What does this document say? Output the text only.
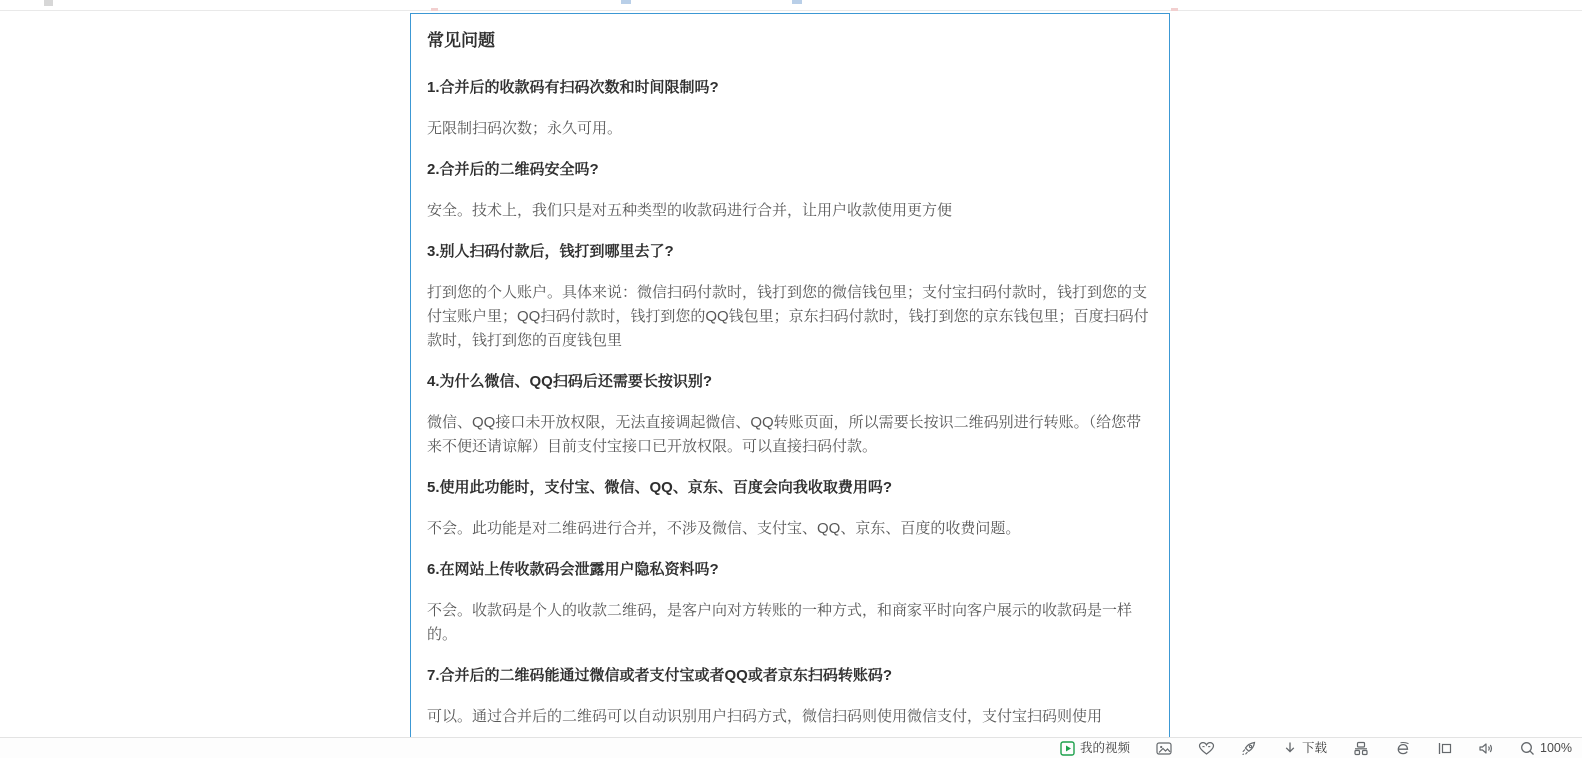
常见问题
1.合并后的收款码有扫码次数和时间限制吗?
无限制扫码次数；永久可用。
2.合并后的二维码安全吗?
安全。技术上，我们只是对五种类型的收款码进行合并，让用户收款使用更方便
3.别人扫码付款后，钱打到哪里去了?
打到您的个人账户。具体来说：微信扫码付款时，钱打到您的微信钱包里；支付宝扫码付款时，钱打到您的支付宝账户里；QQ扫码付款时，钱打到您的QQ钱包里；京东扫码付款时，钱打到您的京东钱包里；百度扫码付款时，钱打到您的百度钱包里
4.为什么微信、QQ扫码后还需要长按识别?
微信、QQ接口未开放权限，无法直接调起微信、QQ转账页面，所以需要长按识二维码别进行转账。（给您带来不便还请谅解）目前支付宝接口已开放权限。可以直接扫码付款。
5.使用此功能时，支付宝、微信、QQ、京东、百度会向我收取费用吗?
不会。此功能是对二维码进行合并，不涉及微信、支付宝、QQ、京东、百度的收费问题。
6.在网站上传收款码会泄露用户隐私资料吗?
不会。收款码是个人的收款二维码，是客户向对方转账的一种方式，和商家平时向客户展示的收款码是一样的。
7.合并后的二维码能通过微信或者支付宝或者QQ或者京东扫码转账码?
可以。通过合并后的二维码可以自动识别用户扫码方式，微信扫码则使用微信支付，支付宝扫码则使用
我的视频	下载	100%
